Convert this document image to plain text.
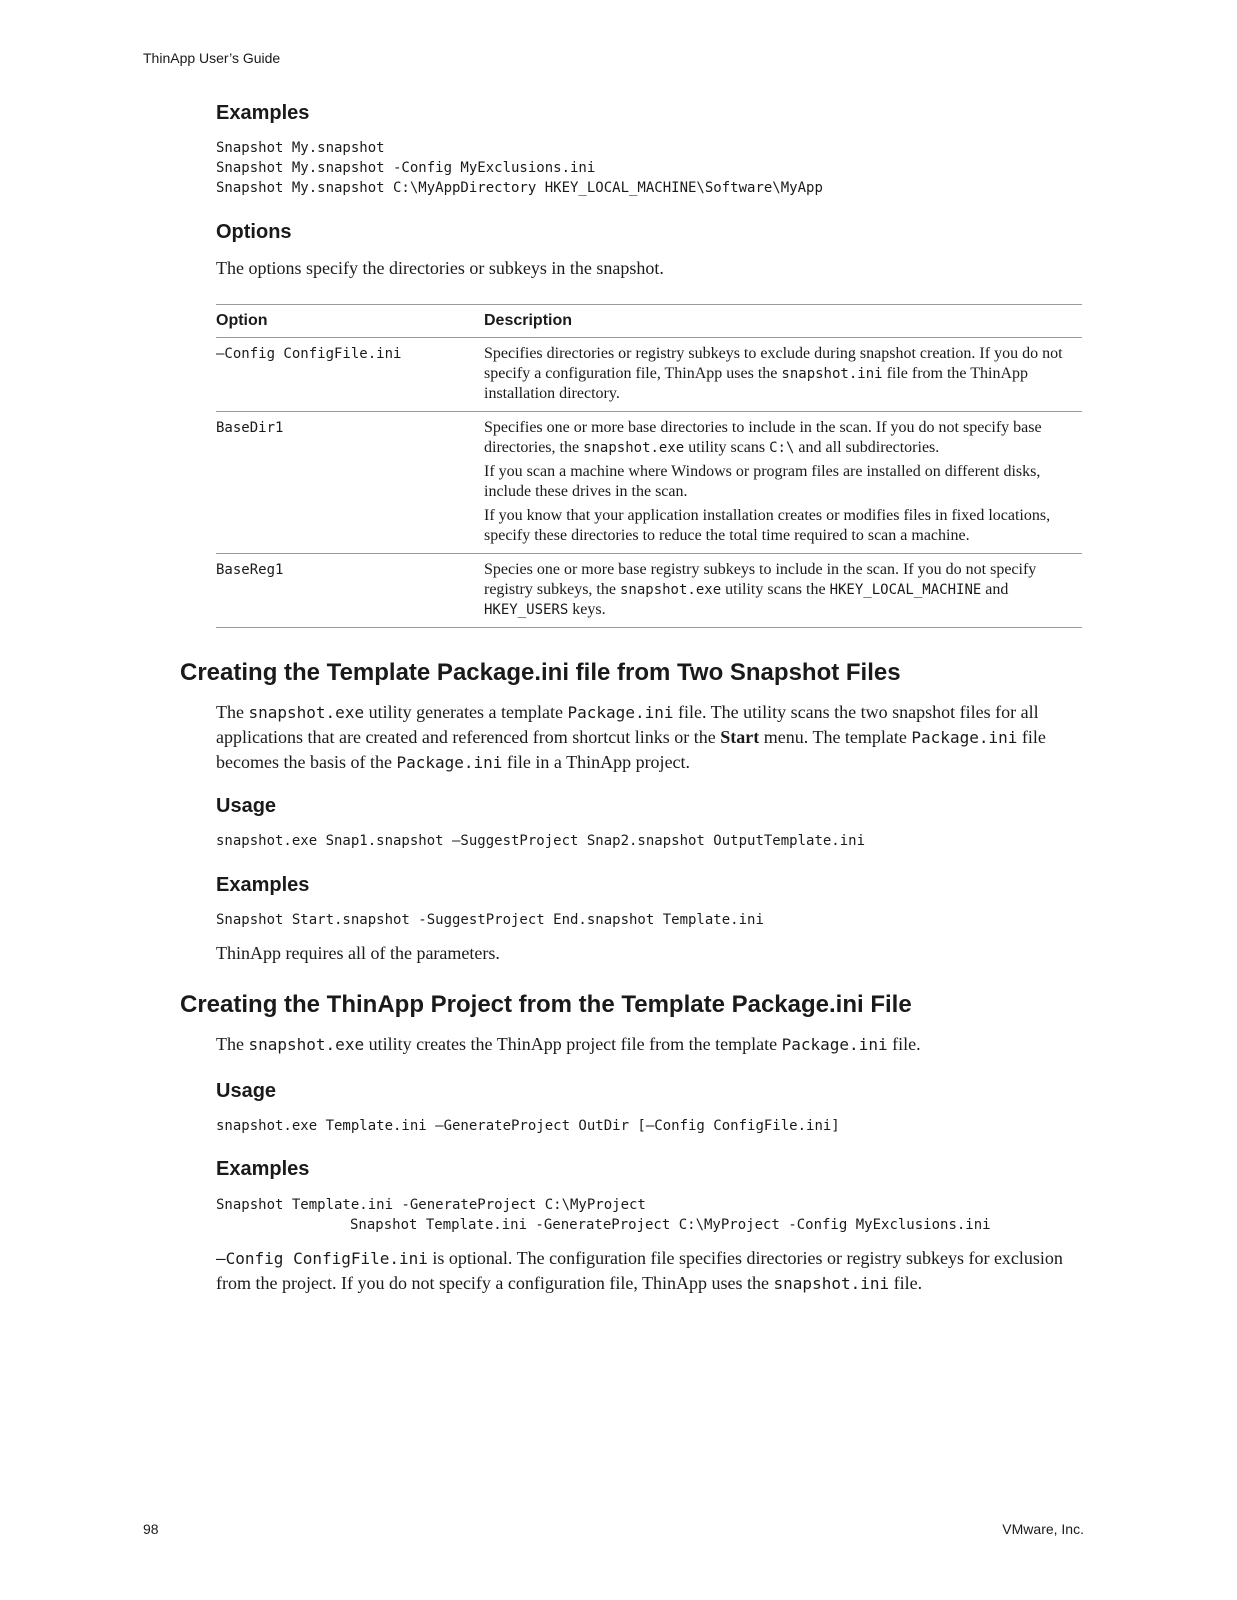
ThinApp User’s Guide
Examples
Snapshot My.snapshot
Snapshot My.snapshot -Config MyExclusions.ini
Snapshot My.snapshot C:\MyAppDirectory HKEY_LOCAL_MACHINE\Software\MyApp
Options
The options specify the directories or subkeys in the snapshot.
Option	Description
–Config ConfigFile.ini	Specifies directories or registry subkeys to exclude during snapshot creation. If you do not specify a configuration file, ThinApp uses the snapshot.ini file from the ThinApp installation directory.

BaseDir1	Specifies one or more base directories to include in the scan. If you do not specify base directories, the snapshot.exe utility scans C:\ and all subdirectories.

If you scan a machine where Windows or program files are installed on different disks, include these drives in the scan.

If you know that your application installation creates or modifies files in fixed locations, specify these directories to reduce the total time required to scan a machine.

BaseReg1	Species one or more base registry subkeys to include in the scan. If you do not specify registry subkeys, the snapshot.exe utility scans the HKEY_LOCAL_MACHINE and HKEY_USERS keys.

Creating the Template Package.ini file from Two Snapshot Files
The snapshot.exe utility generates a template Package.ini file. The utility scans the two snapshot files for all applications that are created and referenced from shortcut links or the Start menu. The template Package.ini file becomes the basis of the Package.ini file in a ThinApp project.
Usage
snapshot.exe Snap1.snapshot –SuggestProject Snap2.snapshot OutputTemplate.ini
Examples
Snapshot Start.snapshot -SuggestProject End.snapshot Template.ini
ThinApp requires all of the parameters.
Creating the ThinApp Project from the Template Package.ini File
The snapshot.exe utility creates the ThinApp project file from the template Package.ini file.
Usage
snapshot.exe Template.ini –GenerateProject OutDir [–Config ConfigFile.ini]
Examples
Snapshot Template.ini -GenerateProject C:\MyProject
Snapshot Template.ini -GenerateProject C:\MyProject -Config MyExclusions.ini
–Config ConfigFile.ini is optional. The configuration file specifies directories or registry subkeys for exclusion from the project. If you do not specify a configuration file, ThinApp uses the snapshot.ini file.
98	VMware, Inc.
